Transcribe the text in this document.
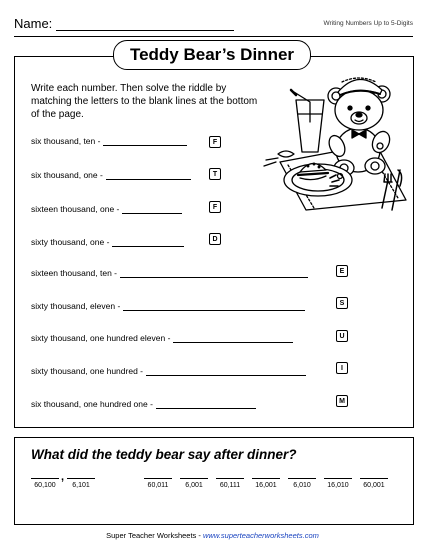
Name:	Writing Numbers Up to 5-Digits
Teddy Bear’s Dinner
Write each number. Then solve the riddle by matching the letters to the blank lines at the bottom of the page.
six thousand, ten -	F
six thousand, one -	T
sixteen thousand, one -	F
sixty thousand, one -	D
sixteen thousand, ten -	E
sixty thousand, eleven -	S
sixty thousand, one hundred eleven -	U
sixty thousand, one hundred -	I
six thousand, one hundred one -	M
What did the teddy bear say after dinner?
,
60,100	6,101	60,011	6,001	60,111	16,001	6,010	16,010	60,001
Super Teacher Worksheets - www.superteacherworksheets.com
